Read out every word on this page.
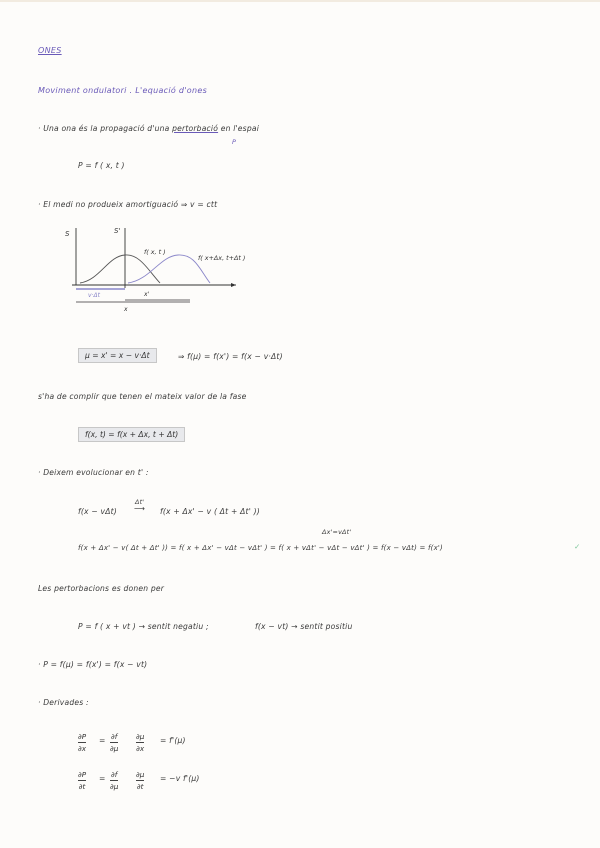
ONES
Moviment ondulatori . L'equació d'ones
· Una ona és la propagació d'una pertorbació en l'espai
P
P = f ( x, t )
· El medi no produeix amortiguació ⇒ v = ctt
S	S'
f( x, t )
f( x+Δx, t+Δt )
v·Δt	x'
x
μ = x' = x − v·Δt	⇒ f(μ) = f(x') = f(x − v·Δt)
s'ha de complir que tenen el mateix valor de la fase
f(x, t) = f(x + Δx, t + Δt)
· Deixem evolucionar en t' :
f(x − vΔt)
Δt'
⟶ f(x + Δx' − v ( Δt + Δt' ))
Δx'=vΔt'
f(x + Δx' − v( Δt + Δt' )) = f( x + Δx' − vΔt − vΔt' ) = f( x + vΔt' − vΔt − vΔt' ) = f(x − vΔt) = f(x')	✓
Les pertorbacions es donen per
P = f ( x + vt ) → sentit negatiu ;	f(x − vt) → sentit positiu
· P = f(μ) = f(x') = f(x − vt)
· Derivades :
∂P
∂x
= ∂f
∂μ
∂μ
∂x
= f'(μ)
∂P
∂t
= ∂f
∂μ
∂μ
∂t
= −v f'(μ)
